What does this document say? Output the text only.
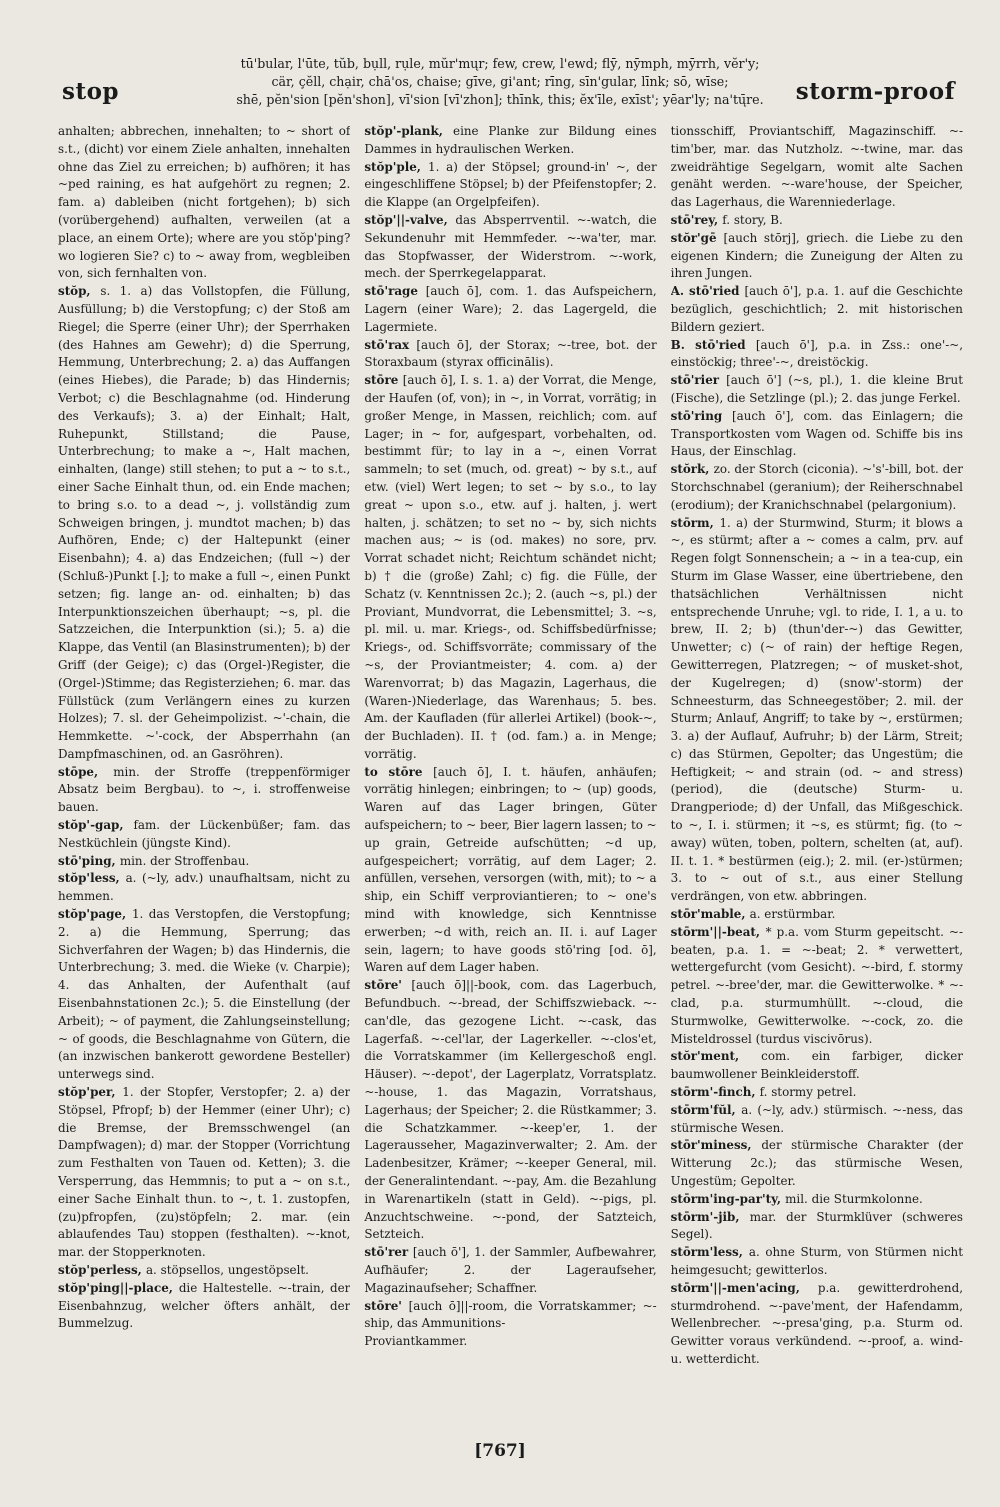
stop
tū'bular, l'ūte, tŭb, bụll, rụle, mŭr'mųr; few, crew, l'ewd; flȳ, nȳmph, mȳrrh, vĕr'y;
cär, çĕll, chạir, chā'os, chaise; gīve, gi'ant; rīng, sīn'gular, līnk; sō, wīse;
shē, pĕn'sion [pĕn'shon], vī'sion [vī'zhon]; thīnk, this; ĕx'īle, exīst'; yēar'ly; na'tų̄re.	storm-proof

anhalten; abbrechen, innehalten; to ~ short of s.t., (dicht) vor einem Ziele anhalten, innehalten ohne das Ziel zu erreichen; b) aufhören; it has ~ped raining, es hat aufgehört zu regnen; 2. fam. a) dableiben (nicht fortgehen); b) sich (vorübergehend) aufhalten, verweilen (at a place, an einem Orte); where are you stŏp'ping? wo logieren Sie? c) to ~ away from, wegbleiben von, sich fernhalten von.

stŏp, s. 1. a) das Vollstopfen, die Füllung, Ausfüllung; b) die Verstopfung; c) der Stoß am Riegel; die Sperre (einer Uhr); der Sperrhaken (des Hahnes am Gewehr); d) die Sperrung, Hemmung, Unterbrechung; 2. a) das Auffangen (eines Hiebes), die Parade; b) das Hindernis; Verbot; c) die Beschlagnahme (od. Hinderung des Verkaufs); 3. a) der Einhalt; Halt, Ruhepunkt, Stillstand; die Pause, Unterbrechung; to make a ~, Halt machen, einhalten, (lange) still stehen; to put a ~ to s.t., einer Sache Einhalt thun, od. ein Ende machen; to bring s.o. to a dead ~, j. vollständig zum Schweigen bringen, j. mundtot machen; b) das Aufhören, Ende; c) der Haltepunkt (einer Eisenbahn); 4. a) das Endzeichen; (full ~) der (Schluß-)Punkt [.]; to make a full ~, einen Punkt setzen; fig. lange an- od. einhalten; b) das Interpunktionszeichen überhaupt; ~s, pl. die Satzzeichen, die Interpunktion (si.); 5. a) die Klappe, das Ventil (an Blasinstrumenten); b) der Griff (der Geige); c) das (Orgel-)Register, die (Orgel-)Stimme; das Registerziehen; 6. mar. das Füllstück (zum Verlängern eines zu kurzen Holzes); 7. sl. der Geheimpolizist. ~'-chain, die Hemmkette. ~'-cock, der Absperrhahn (an Dampfmaschinen, od. an Gasröhren).

stōpe, min. der Stroffe (treppenförmiger Absatz beim Bergbau). to ~, i. stroffenweise bauen.

stŏp'-gap, fam. der Lückenbüßer; fam. das Nestküchlein (jüngste Kind).

stō'ping, min. der Stroffenbau.

stŏp'less, a. (~ly, adv.) unaufhaltsam, nicht zu hemmen.

stŏp'page, 1. das Verstopfen, die Verstopfung; 2. a) die Hemmung, Sperrung; das Sichverfahren der Wagen; b) das Hindernis, die Unterbrechung; 3. med. die Wieke (v. Charpie); 4. das Anhalten, der Aufenthalt (auf Eisenbahnstationen 2c.); 5. die Einstellung (der Arbeit); ~ of payment, die Zahlungseinstellung; ~ of goods, die Beschlagnahme von Gütern, die (an inzwischen bankerott gewordene Besteller) unterwegs sind.

stŏp'per, 1. der Stopfer, Verstopfer; 2. a) der Stöpsel, Pfropf; b) der Hemmer (einer Uhr); c) die Bremse, der Bremsschwengel (an Dampfwagen); d) mar. der Stopper (Vorrichtung zum Festhalten von Tauen od. Ketten); 3. die Versperrung, das Hemmnis; to put a ~ on s.t., einer Sache Einhalt thun. to ~, t. 1. zustopfen, (zu)pfropfen, (zu)stöpfeln; 2. mar. (ein ablaufendes Tau) stoppen (festhalten). ~-knot, mar. der Stopperknoten.

stŏp'perless, a. stöpsellos, ungestöpselt.

stŏp'ping||-place, die Haltestelle. ~-train, der Eisenbahnzug, welcher öfters anhält, der Bummelzug.

stŏp'-plank, eine Planke zur Bildung eines Dammes in hydraulischen Werken.

stŏp'ple, 1. a) der Stöpsel; ground-in' ~, der eingeschliffene Stöpsel; b) der Pfeifenstopfer; 2. die Klappe (an Orgelpfeifen).

stŏp'||-valve, das Absperrventil. ~-watch, die Sekundenuhr mit Hemmfeder. ~-wa'ter, mar. das Stopfwasser, der Widerstrom. ~-work, mech. der Sperrkegelapparat.

stō'rage [auch ō], com. 1. das Aufspeichern, Lagern (einer Ware); 2. das Lagergeld, die Lagermiete.

stō'rax [auch ō], der Storax; ~-tree, bot. der Storaxbaum (styrax officinālis).

stōre [auch ō], I. s. 1. a) der Vorrat, die Menge, der Haufen (of, von); in ~, in Vorrat, vorrätig; in großer Menge, in Massen, reichlich; com. auf Lager; in ~ for, aufgespart, vorbehalten, od. bestimmt für; to lay in a ~, einen Vorrat sammeln; to set (much, od. great) ~ by s.t., auf etw. (viel) Wert legen; to set ~ by s.o., to lay great ~ upon s.o., etw. auf j. halten, j. wert halten, j. schätzen; to set no ~ by, sich nichts machen aus; ~ is (od. makes) no sore, prv. Vorrat schadet nicht; Reichtum schändet nicht; b) † die (große) Zahl; c) fig. die Fülle, der Schatz (v. Kenntnissen 2c.); 2. (auch ~s, pl.) der Proviant, Mundvorrat, die Lebensmittel; 3. ~s, pl. mil. u. mar. Kriegs-, od. Schiffsbedürfnisse; Kriegs-, od. Schiffsvorräte; commissary of the ~s, der Proviantmeister; 4. com. a) der Warenvorrat; b) das Magazin, Lagerhaus, die (Waren-)Niederlage, das Warenhaus; 5. bes. Am. der Kaufladen (für allerlei Artikel) (book-~, der Buchladen). II. † (od. fam.) a. in Menge; vorrätig.

to stōre [auch ō], I. t. häufen, anhäufen; vorrätig hinlegen; einbringen; to ~ (up) goods, Waren auf das Lager bringen, Güter aufspeichern; to ~ beer, Bier lagern lassen; to ~ up grain, Getreide aufschütten; ~d up, aufgespeichert; vorrätig, auf dem Lager; 2. anfüllen, versehen, versorgen (with, mit); to ~ a ship, ein Schiff verproviantieren; to ~ one's mind with knowledge, sich Kenntnisse erwerben; ~d with, reich an. II. i. auf Lager sein, lagern; to have goods stō'ring [od. ō], Waren auf dem Lager haben.

stōre' [auch ō]||-book, com. das Lagerbuch, Befundbuch. ~-bread, der Schiffszwieback. ~-can'dle, das gezogene Licht. ~-cask, das Lagerfaß. ~-cel'lar, der Lagerkeller. ~-clos'et, die Vorratskammer (im Kellergeschoß engl. Häuser). ~-depot', der Lagerplatz, Vorratsplatz. ~-house, 1. das Magazin, Vorratshaus, Lagerhaus; der Speicher; 2. die Rüstkammer; 3. die Schatzkammer. ~-keep'er, 1. der Lagerausseher, Magazinverwalter; 2. Am. der Ladenbesitzer, Krämer; ~-keeper General, mil. der Generalintendant. ~-pay, Am. die Bezahlung in Warenartikeln (statt in Geld). ~-pigs, pl. Anzuchtschweine. ~-pond, der Satzteich, Setzteich.

stō'rer [auch ō'], 1. der Sammler, Aufbewahrer, Aufhäufer; 2. der Lageraufseher, Magazinaufseher; Schaffner.

stōre' [auch ō]||-room, die Vorratskammer; ~-ship, das Ammunitions-

Proviantkammer.

tionsschiff, Proviantschiff, Magazinschiff. ~-tim'ber, mar. das Nutzholz. ~-twine, mar. das zweidrähtige Segelgarn, womit alte Sachen genäht werden. ~-ware'house, der Speicher, das Lagerhaus, die Warenniederlage.

stō'rey, f. story, B.

stŏr'gē [auch stōrj], griech. die Liebe zu den eigenen Kindern; die Zuneigung der Alten zu ihren Jungen.

A. stō'ried [auch ō'], p.a. 1. auf die Geschichte bezüglich, geschichtlich; 2. mit historischen Bildern geziert.

B. stō'ried [auch ō'], p.a. in Zss.: one'-~, einstöckig; three'-~, dreistöckig.

stō'rier [auch ō'] (~s, pl.), 1. die kleine Brut (Fische), die Setzlinge (pl.); 2. das junge Ferkel.

stō'ring [auch ō'], com. das Einlagern; die Transportkosten vom Wagen od. Schiffe bis ins Haus, der Einschlag.

stŏrk, zo. der Storch (ciconia). ~'s'-bill, bot. der Storchschnabel (geranium); der Reiherschnabel (erodium); der Kranichschnabel (pelargonium).

stōrm, 1. a) der Sturmwind, Sturm; it blows a ~, es stürmt; after a ~ comes a calm, prv. auf Regen folgt Sonnenschein; a ~ in a tea-cup, ein Sturm im Glase Wasser, eine übertriebene, den thatsächlichen Verhältnissen nicht entsprechende Unruhe; vgl. to ride, I. 1, a u. to brew, II. 2; b) (thun'der-~) das Gewitter, Unwetter; c) (~ of rain) der heftige Regen, Gewitterregen, Platzregen; ~ of musket-shot, der Kugelregen; d) (snow'-storm) der Schneesturm, das Schneegestöber; 2. mil. der Sturm; Anlauf, Angriff; to take by ~, erstürmen; 3. a) der Auflauf, Aufruhr; b) der Lärm, Streit; c) das Stürmen, Gepolter; das Ungestüm; die Heftigkeit; ~ and strain (od. ~ and stress) (period), die (deutsche) Sturm- u. Drangperiode; d) der Unfall, das Mißgeschick. to ~, I. i. stürmen; it ~s, es stürmt; fig. (to ~ away) wüten, toben, poltern, schelten (at, auf). II. t. 1. * bestürmen (eig.); 2. mil. (er-)stürmen; 3. to ~ out of s.t., aus einer Stellung verdrängen, von etw. abbringen.

stōr'mable, a. erstürmbar.

stōrm'||-beat, * p.a. vom Sturm gepeitscht. ~-beaten, p.a. 1. = ~-beat; 2. * verwettert, wettergefurcht (vom Gesicht). ~-bird, f. stormy petrel. ~-bree'der, mar. die Gewitterwolke. * ~-clad, p.a. sturmumhüllt. ~-cloud, die Sturmwolke, Gewitterwolke. ~-cock, zo. die Misteldrossel (turdus viscivōrus).

stŏr'ment, com. ein farbiger, dicker baumwollener Beinkleiderstoff.

stōrm'-finch, f. stormy petrel.

stōrm'fŭl, a. (~ly, adv.) stürmisch. ~-ness, das stürmische Wesen.

stōr'miness, der stürmische Charakter (der Witterung 2c.); das stürmische Wesen, Ungestüm; Gepolter.

stōrm'ing-par'ty, mil. die Sturmkolonne.

stōrm'-jib, mar. der Sturmklüver (schweres Segel).

stōrm'less, a. ohne Sturm, von Stürmen nicht heimgesucht; gewitterlos.

stōrm'||-men'acing, p.a. gewitterdrohend, sturmdrohend. ~-pave'ment, der Hafendamm, Wellenbrecher. ~-presa'ging, p.a. Sturm od. Gewitter voraus verkündend. ~-proof, a. wind- u. wetterdicht.

[767]
